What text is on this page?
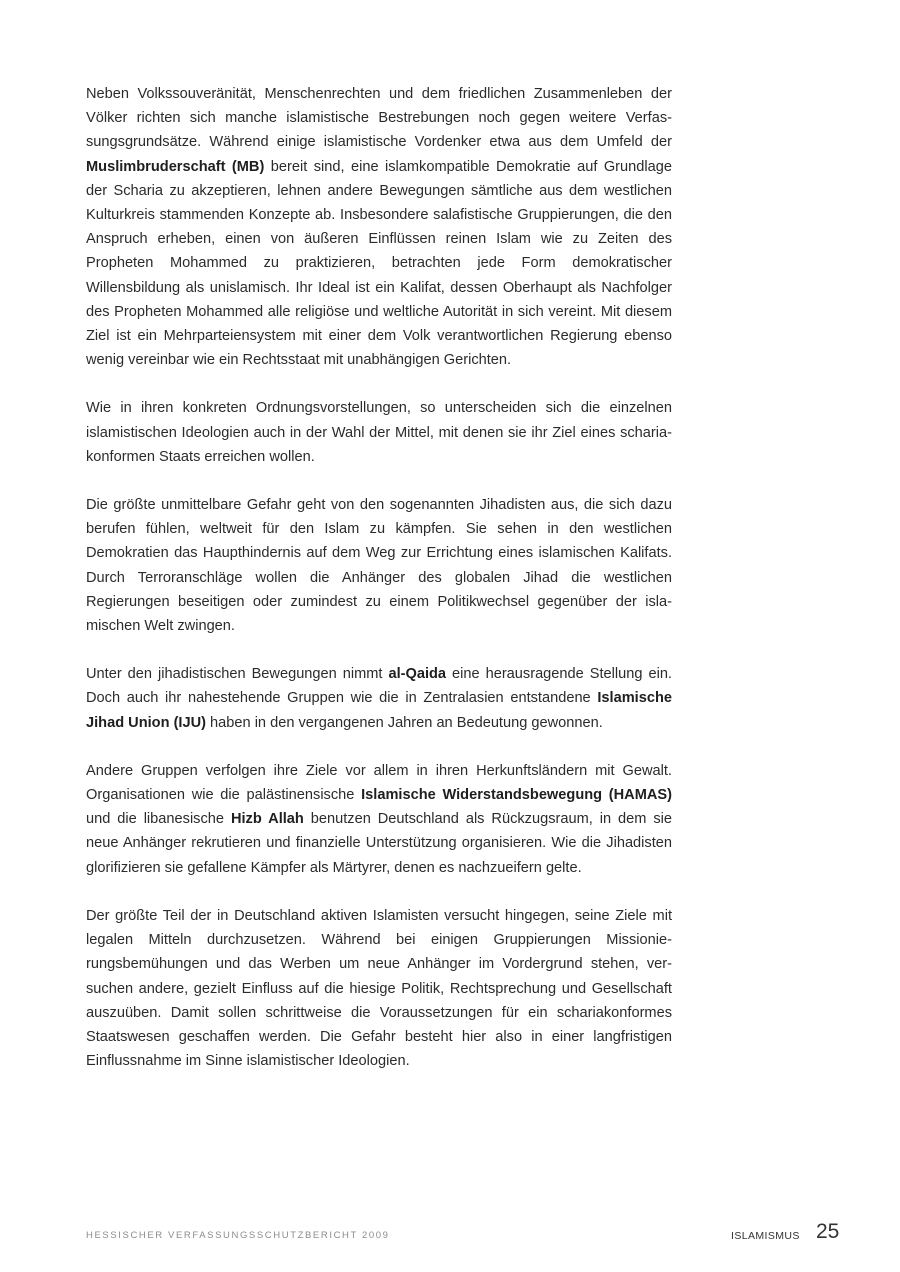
Neben Volkssouveränität, Menschenrechten und dem friedlichen Zusammenleben der Völker richten sich manche islamistische Bestrebungen noch gegen weitere Verfassungsgrundsätze. Während einige islamistische Vordenker etwa aus dem Umfeld der Muslimbruderschaft (MB) bereit sind, eine islamkompatible Demokratie auf Grundlage der Scharia zu akzeptieren, lehnen andere Bewegungen sämtliche aus dem westlichen Kulturkreis stammenden Konzepte ab. Insbesondere salafistische Gruppierungen, die den Anspruch erheben, einen von äußeren Einflüssen reinen Islam wie zu Zeiten des Propheten Mohammed zu praktizieren, betrachten jede Form demokratischer Willensbildung als unislamisch. Ihr Ideal ist ein Kalifat, dessen Oberhaupt als Nachfolger des Propheten Mohammed alle religiöse und weltliche Autorität in sich vereint. Mit diesem Ziel ist ein Mehrparteiensystem mit einer dem Volk verantwortlichen Regierung ebenso wenig vereinbar wie ein Rechtsstaat mit unabhängigen Gerichten.

Wie in ihren konkreten Ordnungsvorstellungen, so unterscheiden sich die einzelnen islamistischen Ideologien auch in der Wahl der Mittel, mit denen sie ihr Ziel eines schariakonformen Staats erreichen wollen.

Die größte unmittelbare Gefahr geht von den sogenannten Jihadisten aus, die sich dazu berufen fühlen, weltweit für den Islam zu kämpfen. Sie sehen in den westlichen Demokratien das Haupthindernis auf dem Weg zur Errichtung eines islamischen Kalifats. Durch Terroranschläge wollen die Anhänger des globalen Jihad die westlichen Regierungen beseitigen oder zumindest zu einem Politikwechsel gegenüber der islamischen Welt zwingen.

Unter den jihadistischen Bewegungen nimmt al-Qaida eine herausragende Stellung ein. Doch auch ihr nahestehende Gruppen wie die in Zentralasien entstandene Islamische Jihad Union (IJU) haben in den vergangenen Jahren an Bedeutung gewonnen.

Andere Gruppen verfolgen ihre Ziele vor allem in ihren Herkunftsländern mit Gewalt. Organisationen wie die palästinensische Islamische Widerstandsbewegung (HAMAS) und die libanesische Hizb Allah benutzen Deutschland als Rückzugsraum, in dem sie neue Anhänger rekrutieren und finanzielle Unterstützung organisieren. Wie die Jihadisten glorifizieren sie gefallene Kämpfer als Märtyrer, denen es nachzueifern gelte.

Der größte Teil der in Deutschland aktiven Islamisten versucht hingegen, seine Ziele mit legalen Mitteln durchzusetzen. Während bei einigen Gruppierungen Missionierungsbemühungen und das Werben um neue Anhänger im Vordergrund stehen, versuchen andere, gezielt Einfluss auf die hiesige Politik, Rechtsprechung und Gesellschaft auszuüben. Damit sollen schrittweise die Voraussetzungen für ein schariakonformes Staatswesen geschaffen werden. Die Gefahr besteht hier also in einer langfristigen Einflussnahme im Sinne islamistischer Ideologien.

HESSISCHER VERFASSUNGSSCHUTZBERICHT 2009	ISLAMISMUS 25
